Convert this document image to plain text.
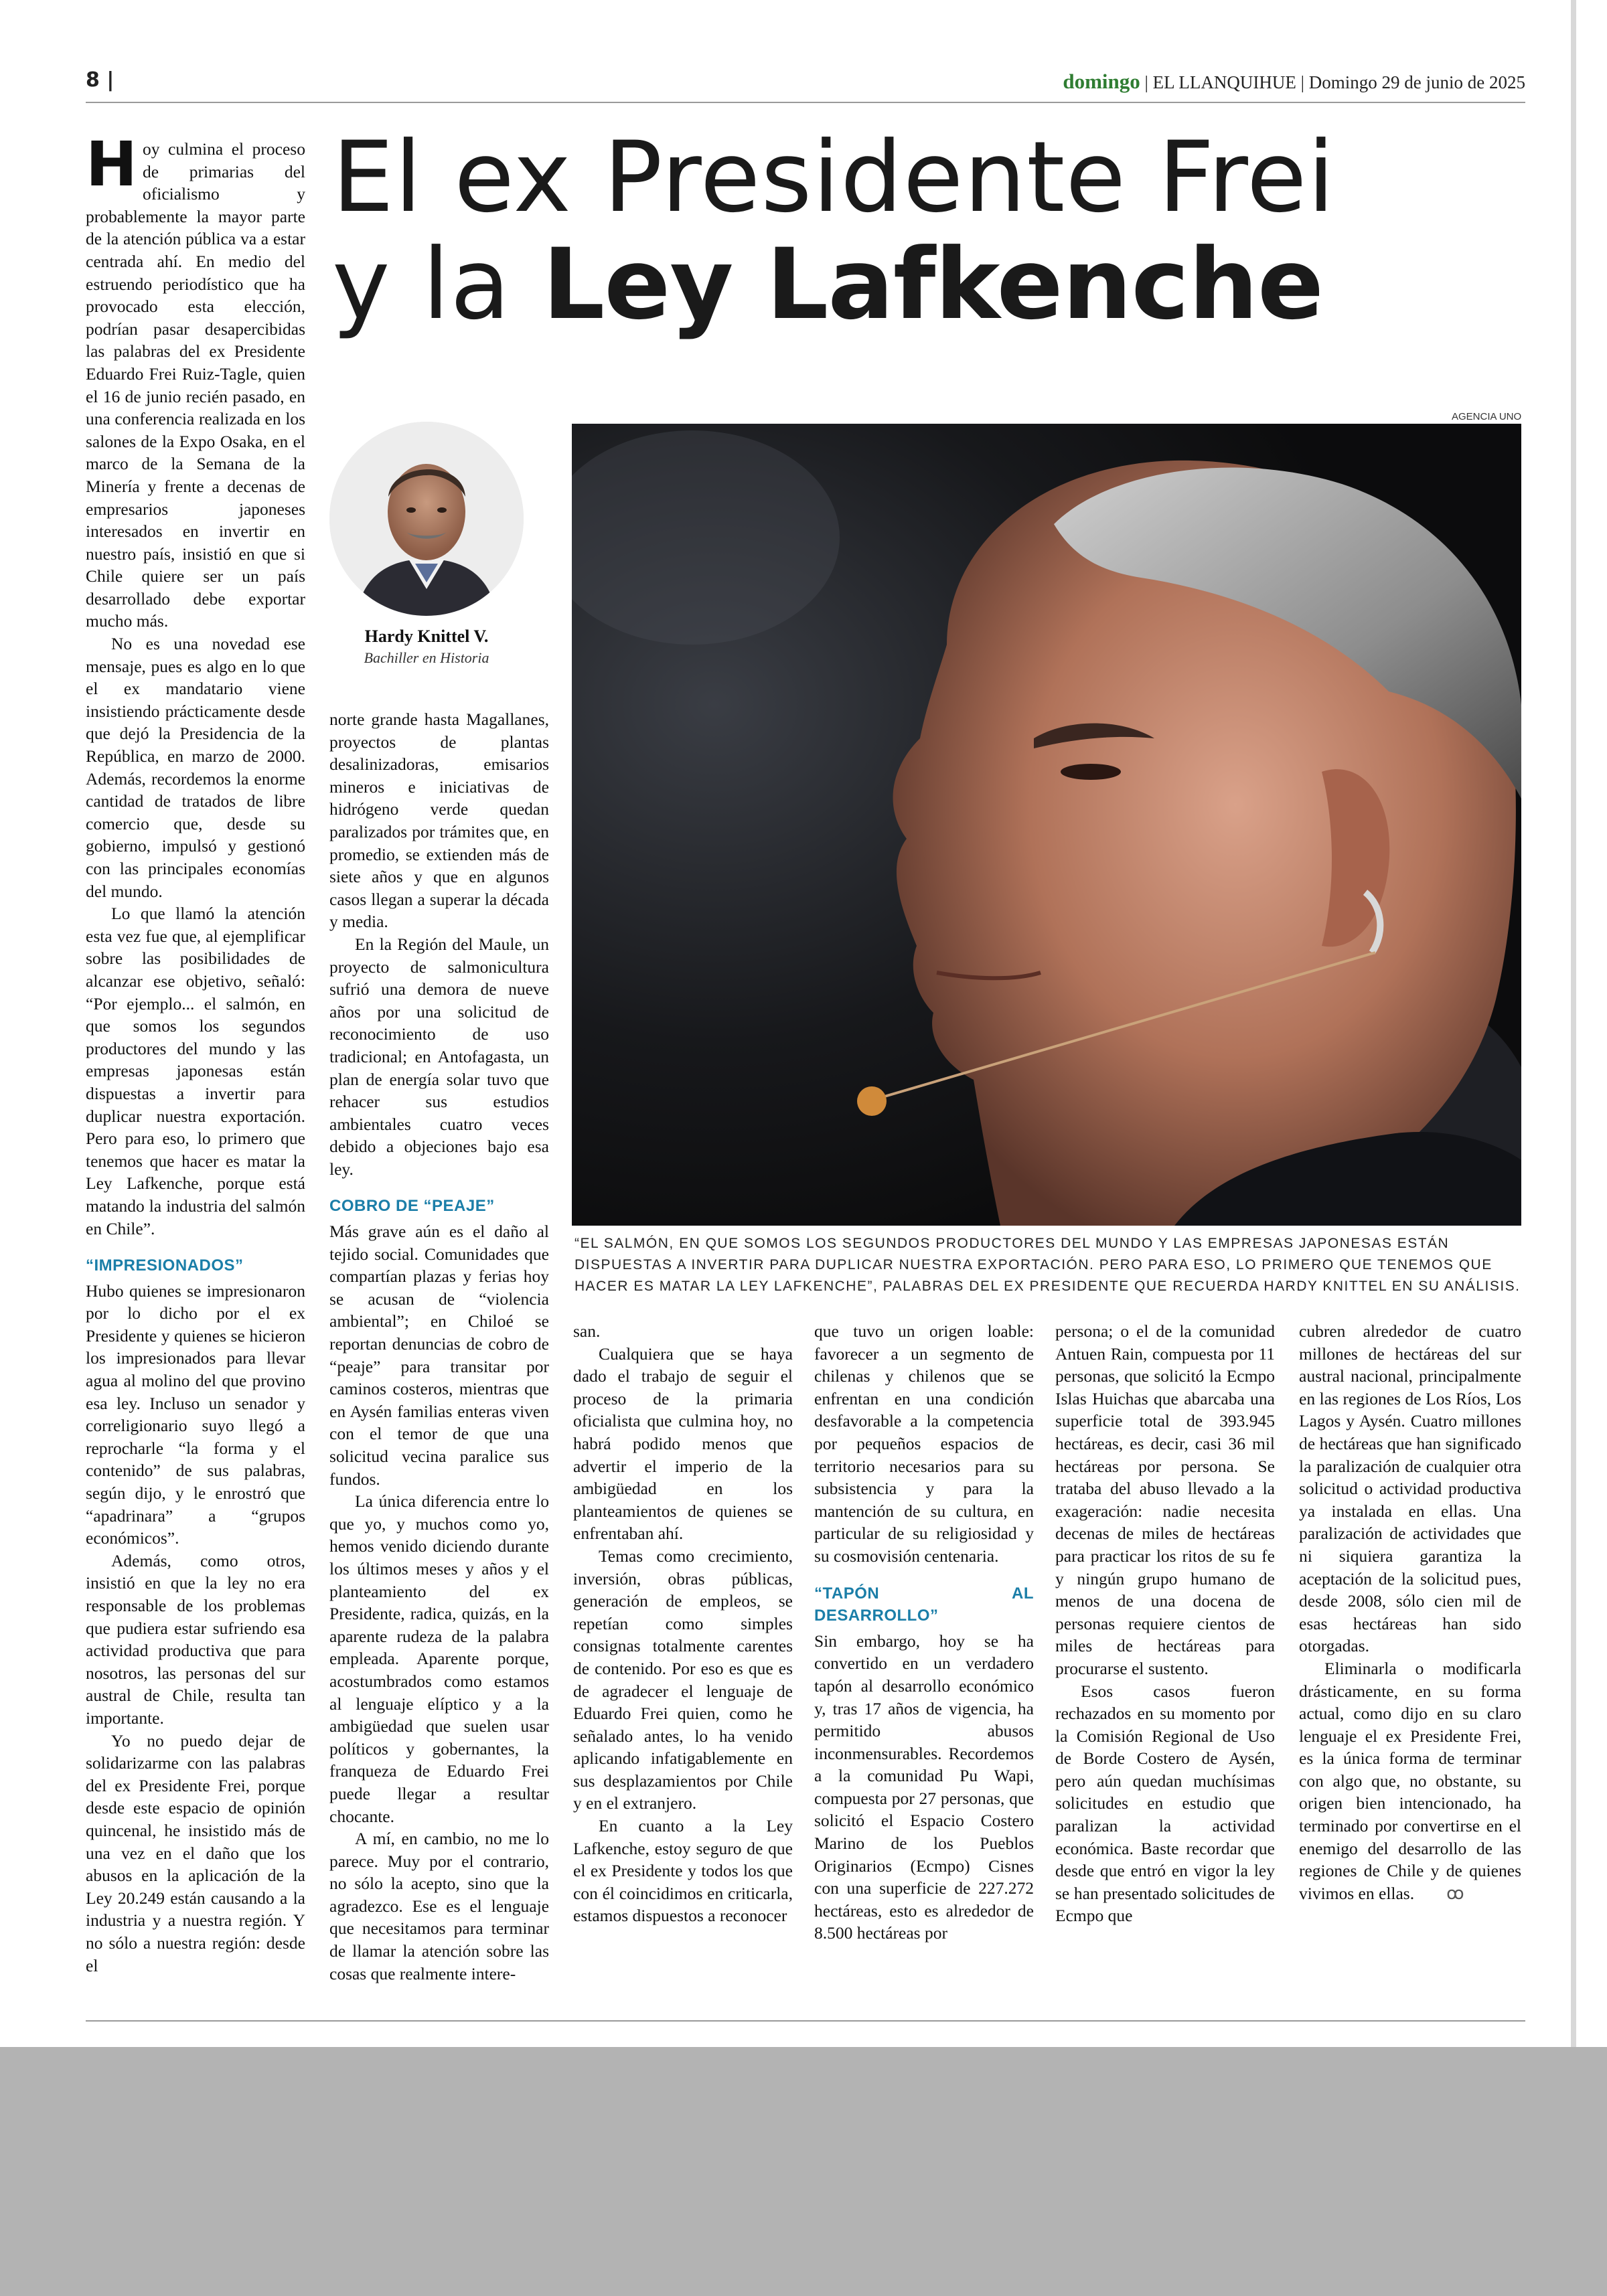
8 |	domingo | EL LLANQUIHUE | Domingo 29 de junio de 2025
El ex Presidente Frei
y la Ley Lafkenche

Hoy culmina el proceso de primarias del oficialismo y probablemente la mayor parte de la atención pública va a estar centrada ahí. En medio del estruendo periodístico que ha provocado esta elección, podrían pasar desapercibidas las palabras del ex Presidente Eduardo Frei Ruiz-Tagle, quien el 16 de junio recién pasado, en una conferencia realizada en los salones de la Expo Osaka, en el marco de la Semana de la Minería y frente a decenas de empresarios japoneses interesados en invertir en nuestro país, insistió en que si Chile quiere ser un país desarrollado debe exportar mucho más.

No es una novedad ese mensaje, pues es algo en lo que el ex mandatario viene insistiendo prácticamente desde que dejó la Presidencia de la República, en marzo de 2000. Además, recordemos la enorme cantidad de tratados de libre comercio que, desde su gobierno, impulsó y gestionó con las principales economías del mundo.

Lo que llamó la atención esta vez fue que, al ejemplificar sobre las posibilidades de alcanzar ese objetivo, señaló: “Por ejemplo... el salmón, en que somos los segundos productores del mundo y las empresas japonesas están dispuestas a invertir para duplicar nuestra exportación. Pero para eso, lo primero que tenemos que hacer es matar la Ley Lafkenche, porque está matando la industria del salmón en Chile”.

“IMPRESIONADOS”

Hubo quienes se impresionaron por lo dicho por el ex Presidente y quienes se hicieron los impresionados para llevar agua al molino del que provino esa ley. Incluso un senador y correligionario suyo llegó a reprocharle “la forma y el contenido” de sus palabras, según dijo, y le enrostró que “apadrinara” a “grupos económicos”.

Además, como otros, insistió en que la ley no era responsable de los problemas que pudiera estar sufriendo esa actividad productiva que para nosotros, las personas del sur austral de Chile, resulta tan importante.

Yo no puedo dejar de solidarizarme con las palabras del ex Presidente Frei, porque desde este espacio de opinión quincenal, he insistido más de una vez en el daño que los abusos en la aplicación de la Ley 20.249 están causando a la industria y a nuestra región. Y no sólo a nuestra región: desde el

Hardy Knittel V.
Bachiller en Historia

norte grande hasta Magallanes, proyectos de plantas desalinizadoras, emisarios mineros e iniciativas de hidrógeno verde quedan paralizados por trámites que, en promedio, se extienden más de siete años y que en algunos casos llegan a superar la década y media.

En la Región del Maule, un proyecto de salmonicultura sufrió una demora de nueve años por una solicitud de reconocimiento de uso tradicional; en Antofagasta, un plan de energía solar tuvo que rehacer sus estudios ambientales cuatro veces debido a objeciones bajo esa ley.

COBRO DE “PEAJE”

Más grave aún es el daño al tejido social. Comunidades que compartían plazas y ferias hoy se acusan de “violencia ambiental”; en Chiloé se reportan denuncias de cobro de “peaje” para transitar por caminos costeros, mientras que en Aysén familias enteras viven con el temor de que una solicitud vecina paralice sus fundos.

La única diferencia entre lo que yo, y muchos como yo, hemos venido diciendo durante los últimos meses y años y el planteamiento del ex Presidente, radica, quizás, en la aparente rudeza de la palabra empleada. Aparente porque, acostumbrados como estamos al lenguaje elíptico y a la ambigüedad que suelen usar políticos y gobernantes, la franqueza de Eduardo Frei puede llegar a resultar chocante.

A mí, en cambio, no me lo parece. Muy por el contrario, no sólo la acepto, sino que la agradezco. Ese es el lenguaje que necesitamos para terminar de llamar la atención sobre las cosas que realmente intere-

AGENCIA UNO
“EL SALMÓN, EN QUE SOMOS LOS SEGUNDOS PRODUCTORES DEL MUNDO Y LAS EMPRESAS JAPONESAS ESTÁN DISPUESTAS A INVERTIR PARA DUPLICAR NUESTRA EXPORTACIÓN. PERO PARA ESO, LO PRIMERO QUE TENEMOS QUE HACER ES MATAR LA LEY LAFKENCHE”, PALABRAS DEL EX PRESIDENTE QUE RECUERDA HARDY KNITTEL EN SU ANÁLISIS.

san.

Cualquiera que se haya dado el trabajo de seguir el proceso de la primaria oficialista que culmina hoy, no habrá podido menos que advertir el imperio de la ambigüedad en los planteamientos de quienes se enfrentaban ahí.

Temas como crecimiento, inversión, obras públicas, generación de empleos, se repetían como simples consignas totalmente carentes de contenido. Por eso es que es de agradecer el lenguaje de Eduardo Frei quien, como he señalado antes, lo ha venido aplicando infatigablemente en sus desplazamientos por Chile y en el extranjero.

En cuanto a la Ley Lafkenche, estoy seguro de que el ex Presidente y todos los que con él coincidimos en criticarla, estamos dispuestos a reconocer

que tuvo un origen loable: favorecer a un segmento de chilenas y chilenos que se enfrentan en una condición desfavorable a la competencia por pequeños espacios de territorio necesarios para su subsistencia y para la mantención de su cultura, en particular de su religiosidad y su cosmovisión centenaria.

“TAPÓN AL DESARROLLO”

Sin embargo, hoy se ha convertido en un verdadero tapón al desarrollo económico y, tras 17 años de vigencia, ha permitido abusos inconmensurables. Recordemos a la comunidad Pu Wapi, compuesta por 27 personas, que solicitó el Espacio Costero Marino de los Pueblos Originarios (Ecmpo) Cisnes con una superficie de 227.272 hectáreas, esto es alrededor de 8.500 hectáreas por

persona; o el de la comunidad Antuen Rain, compuesta por 11 personas, que solicitó la Ecmpo Islas Huichas que abarcaba una superficie total de 393.945 hectáreas, es decir, casi 36 mil hectáreas por persona. Se trataba del abuso llevado a la exageración: nadie necesita decenas de miles de hectáreas para practicar los ritos de su fe y ningún grupo humano de menos de una docena de personas requiere cientos de miles de hectáreas para procurarse el sustento.

Esos casos fueron rechazados en su momento por la Comisión Regional de Uso de Borde Costero de Aysén, pero aún quedan muchísimas solicitudes en estudio que paralizan la actividad económica. Baste recordar que desde que entró en vigor la ley se han presentado solicitudes de Ecmpo que

cubren alrededor de cuatro millones de hectáreas del sur austral nacional, principalmente en las regiones de Los Ríos, Los Lagos y Aysén. Cuatro millones de hectáreas que han significado la paralización de cualquier otra solicitud o actividad productiva ya instalada en ellas. Una paralización de actividades que ni siquiera garantiza la aceptación de la solicitud pues, desde 2008, sólo cien mil de esas hectáreas han sido otorgadas.

Eliminarla o modificarla drásticamente, en su forma actual, como dijo en su claro lenguaje el ex Presidente Frei, es la única forma de terminar con algo que, no obstante, su origen bien intencionado, ha terminado por convertirse en el enemigo del desarrollo de las regiones de Chile y de quienes vivimos en ellas. ꝏ
